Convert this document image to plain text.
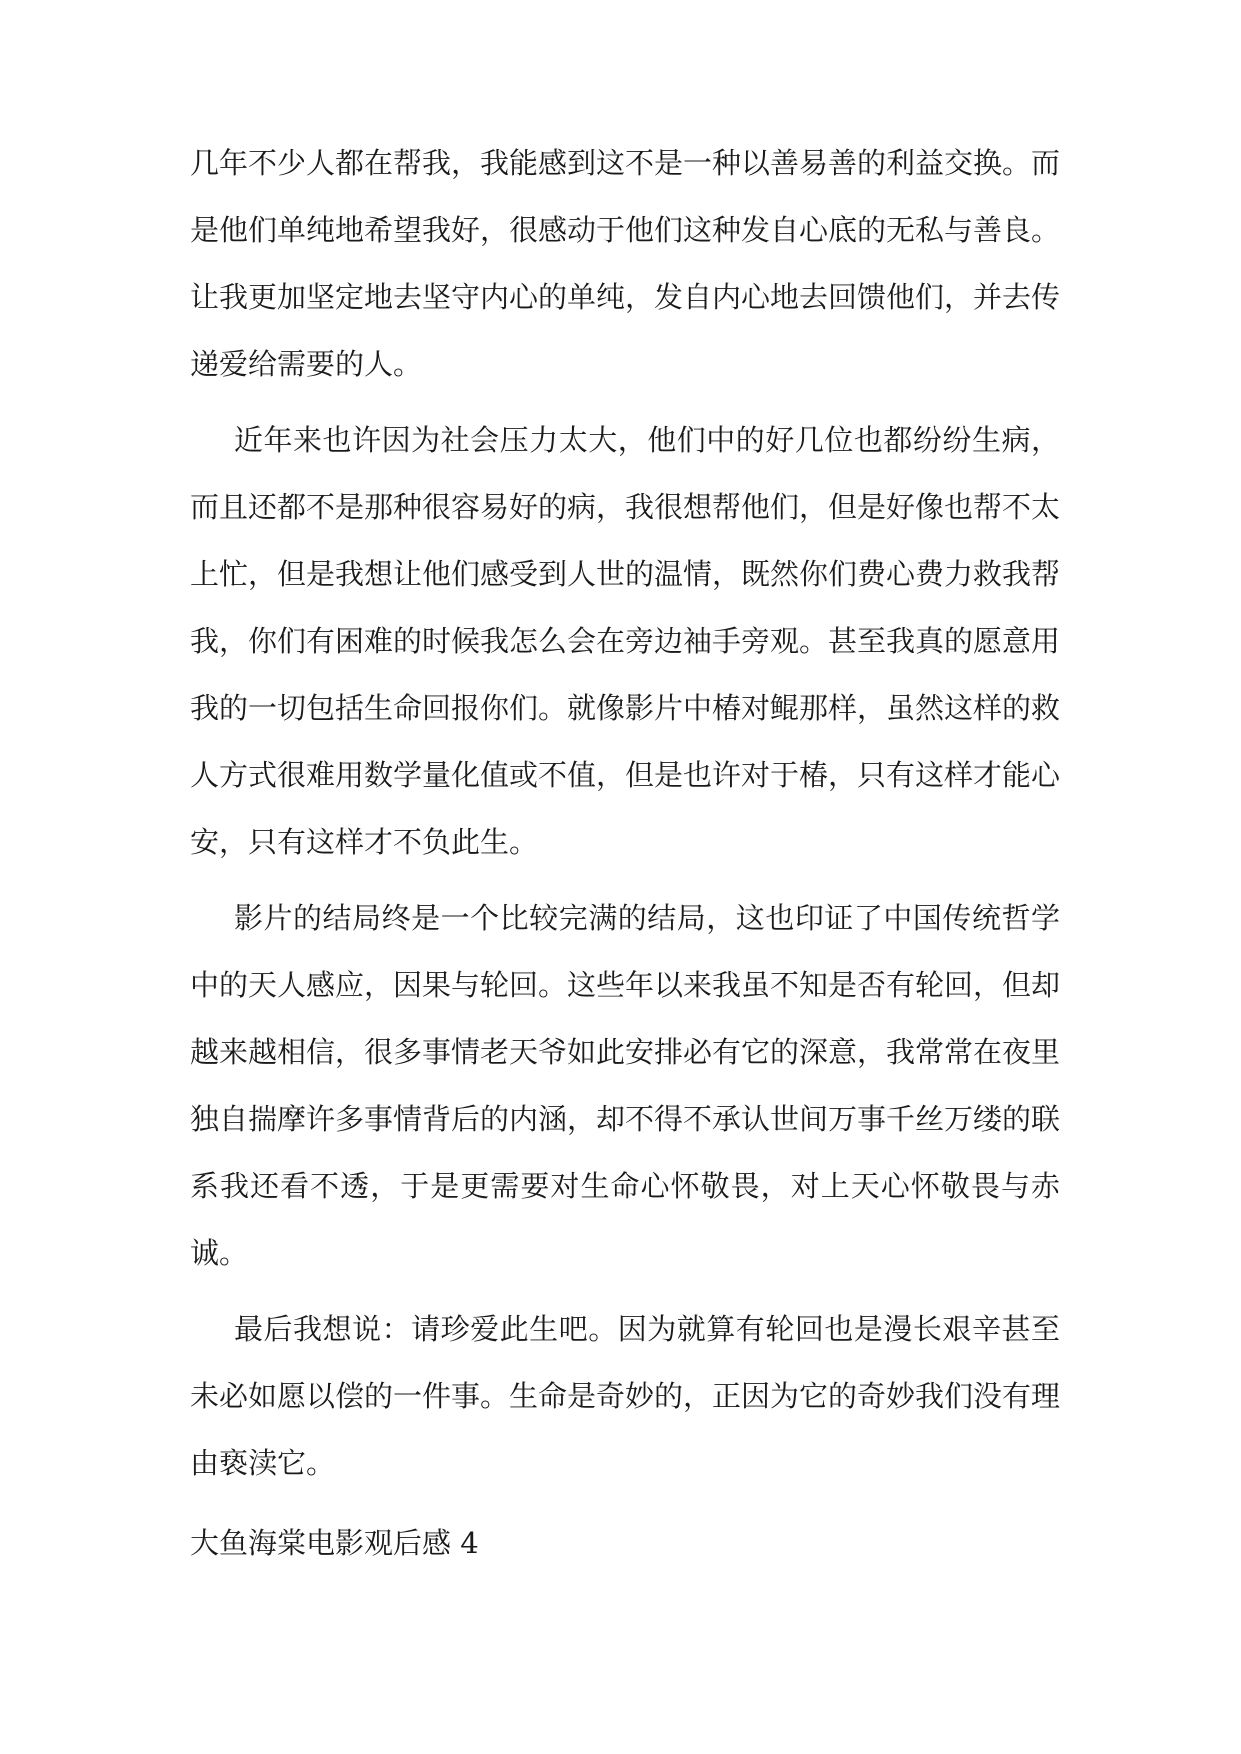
几年不少人都在帮我，我能感到这不是一种以善易善的利益交换。而是他们单纯地希望我好，很感动于他们这种发自心底的无私与善良。让我更加坚定地去坚守内心的单纯，发自内心地去回馈他们，并去传递爱给需要的人。

近年来也许因为社会压力太大，他们中的好几位也都纷纷生病，而且还都不是那种很容易好的病，我很想帮他们，但是好像也帮不太上忙，但是我想让他们感受到人世的温情，既然你们费心费力救我帮我，你们有困难的时候我怎么会在旁边袖手旁观。甚至我真的愿意用我的一切包括生命回报你们。就像影片中椿对鲲那样，虽然这样的救人方式很难用数学量化值或不值，但是也许对于椿，只有这样才能心安，只有这样才不负此生。

影片的结局终是一个比较完满的结局，这也印证了中国传统哲学中的天人感应，因果与轮回。这些年以来我虽不知是否有轮回，但却越来越相信，很多事情老天爷如此安排必有它的深意，我常常在夜里独自揣摩许多事情背后的内涵，却不得不承认世间万事千丝万缕的联系我还看不透，于是更需要对生命心怀敬畏，对上天心怀敬畏与赤诚。

最后我想说：请珍爱此生吧。因为就算有轮回也是漫长艰辛甚至未必如愿以偿的一件事。生命是奇妙的，正因为它的奇妙我们没有理由亵渎它。

大鱼海棠电影观后感 4
